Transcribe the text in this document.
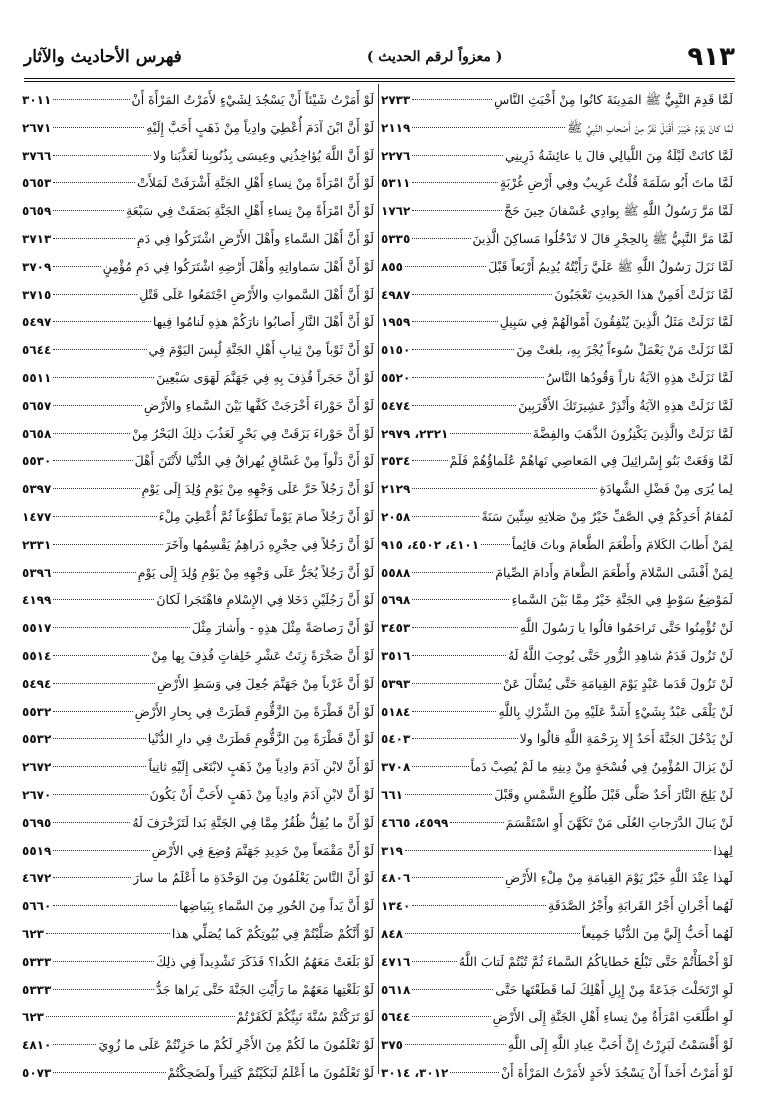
٩١٣
( معزواً لرقم الحديث )
فهرس الأحاديث والآثار
لَمَّا قَدِمَ النَّبِيُّ ﷺ المَدِينَةَ كانُوا مِنْ أَخْبَثِ النَّاسِ
٢٧٣٣
لَمَّا كانَ يَوْمُ خَيْبَرَ أَقْبَلَ نَفَرٌ مِنْ أَصْحابِ النَّبِيِّ ﷺ
٢١١٩
لَمَّا كانَتْ لَيْلَةٌ مِنَ اللَّيالِي قالَ يا عائِشَةُ ذَرِينِي
٢٢٧٦
لَمَّا ماتَ أَبُو سَلَمَةَ قُلْتُ غَرِيبٌ وفِي أَرْضِ غُرْبَةٍ
٥٣١١
لَمَّا مَرَّ رَسُولُ اللَّهِ ﷺ بِوادِي عُسْفانَ حِينَ حَجَّ
١٧٦٢
لَمَّا مَرَّ النَّبِيُّ ﷺ بِالحِجْرِ قالَ لا تَدْخُلُوا مَساكِنَ الَّذِينَ
٥٣٣٥
لَمَّا نَزَلَ رَسُولُ اللَّهِ ﷺ عَلَيَّ رَأَيْتُهُ يُدِيمُ أَرْبَعاً قَبْلَ
٨٥٥
لَمَّا نَزَلَتْ أَفَمِنْ هذا الحَدِيثِ تَعْجَبُونَ
٤٩٨٧
لَمَّا نَزَلَتْ مَثَلُ الَّذِينَ يُنْفِقُونَ أَمْوالَهُمْ فِي سَبِيلِ
١٩٥٩
لَمَّا نَزَلَتْ مَنْ يَعْمَلْ سُوءاً يُجْزَ بِهِ، بلغتْ مِنَ
٥١٥٠
لَمَّا نَزَلَتْ هذِهِ الآيَةُ ناراً وَقُودُها النَّاسُ
٥٥٢٠
لَمَّا نَزَلَتْ هذِهِ الآيَةُ وأَنْذِرْ عَشِيرَتَكَ الأَقْرَبِينَ
٥٤٧٤
لَمَّا نَزَلَتْ والَّذِينَ يَكْنِزُونَ الذَّهَبَ والفِضَّةَ
٢٣٢١، ٢٩٧٩
لَمَّا وَقَعَتْ بَنُو إِسْرائِيلَ فِي المَعاصِي نَهاهُمْ عُلَماؤُهُمْ فَلَمْ
٣٥٣٤
لِما يُرَى مِنْ فَضْلِ الشَّهادَةِ
٢١٢٩
لَمُقامُ أَحَدِكُمْ فِي الصَّفِّ خَيْرٌ مِنْ صَلاتِهِ سِتِّينَ سَنَةً
٢٠٥٨
لِمَنْ أَطابَ الكَلامَ وأَطْعَمَ الطَّعامَ وباتَ قائِماً
٤١٠١، ٤٥٠٢، ٩١٥
لِمَنْ أَفْشَى السَّلامَ وأَطْعَمَ الطَّعامَ وأَدامَ الصِّيامَ
٥٥٨٨
لَمَوْضِعُ سَوْطٍ فِي الجَنَّةِ خَيْرٌ مِمَّا بَيْنَ السَّماءِ
٥٦٩٨
لَنْ تُؤْمِنُوا حَتَّى تَراحَمُوا قالُوا يا رَسُولَ اللَّهِ
٣٤٥٣
لَنْ تَزُولَ قَدَمُ شاهِدِ الزُّورِ حَتَّى يُوجِبَ اللَّهُ لَهُ
٣٥١٦
لَنْ تَزُولَ قَدَما عَبْدٍ يَوْمَ القِيامَةِ حَتَّى يُسْأَلَ عَنْ
٥٣٩٣
لَنْ يَلْقَى عَبْدٌ بِشَيْءٍ أَشَدَّ عَلَيْهِ مِنَ الشِّرْكِ بِاللَّهِ
٥١٨٤
لَنْ يَدْخُلَ الجَنَّةَ أَحَدٌ إِلا بِرَحْمَةِ اللَّهِ قالُوا ولا
٥٤٠٣
لَنْ يَزالَ المُؤْمِنُ فِي فُسْحَةٍ مِنْ دِينِهِ ما لَمْ يُصِبْ دَماً
٣٧٠٨
لَنْ يَلِجَ النَّارَ أَحَدٌ صَلَّى قَبْلَ طُلُوعِ الشَّمْسِ وقَبْلَ
٦٦١
لَنْ يَنالَ الدَّرَجاتِ العُلَى مَنْ تَكَهَّنَ أَوِ اسْتَقْسَمَ
٤٥٩٩، ٤٦٦٥
لِهذا
٣١٩
لَهذا عِنْدَ اللَّهِ خَيْرٌ يَوْمَ القِيامَةِ مِنْ مِلْءِ الأَرْضِ
٤٨٠٦
لَهُما أَجْرانِ أَجْرُ القَرابَةِ وأَجْرُ الصَّدَقَةِ
١٣٤٠
لَهُما أَحَبُّ إِلَيَّ مِنَ الدُّنْيا جَمِيعاً
٨٤٨
لَوْ أَخْطَأْتُمْ حَتَّى تَبْلُغَ خَطاياكُمُ السَّماءَ ثُمَّ تُبْتُمْ لَتابَ اللَّهُ
٤٧١٦
لَوِ ارْتَحَلْتَ جَذَعَةً مِنْ إِبِلِ أَهْلِكَ لَما قَطَعْتَها حَتَّى
٥٦١٨
لَوِ اطَّلَعَتِ امْرَأَةٌ مِنْ نِساءِ أَهْلِ الجَنَّةِ إِلَى الأَرْضِ
٥٦٤٤
لَوْ أَقْسَمْتُ لَبَرِرْتُ إِنَّ أَحَبَّ عِبادِ اللَّهِ إِلَى اللَّهِ
٣٧٥
لَوْ أَمَرْتُ أَحَداً أَنْ يَسْجُدَ لأَحَدٍ لأَمَرْتُ المَرْأَةَ أَنْ
٣٠١٢، ٣٠١٤
لَوْ أَمَرْتُ شَيْئاً أَنْ يَسْجُدَ لِشَيْءٍ لأَمَرْتُ المَرْأَةَ أَنْ
٣٠١١
لَوْ أَنَّ ابْنَ آدَمَ أُعْطِيَ وادِياً مِنْ ذَهَبٍ أَحَبَّ إِلَيْهِ
٢٦٧١
لَوْ أَنَّ اللَّهَ يُؤاخِذُنِي وعِيسَى بِذُنُوبِنا لَعَذَّبَنا ولا
٣٧٦٦
لَوْ أَنَّ امْرَأَةً مِنْ نِساءِ أَهْلِ الجَنَّةِ أَشْرَفَتْ لَمَلأَتْ
٥٦٥٣
لَوْ أَنَّ امْرَأَةً مِنْ نِساءِ أَهْلِ الجَنَّةِ بَصَقَتْ فِي سَبْعَةِ
٥٦٥٩
لَوْ أَنَّ أَهْلَ السَّماءِ وأَهْلَ الأَرْضِ اشْتَرَكُوا فِي دَمِ
٣٧١٣
لَوْ أَنَّ أَهْلَ سَماواتِهِ وأَهْلَ أَرْضِهِ اشْتَرَكُوا فِي دَمِ مُؤْمِنٍ
٣٧٠٩
لَوْ أَنَّ أَهْلَ السَّمواتِ والأَرْضِ اجْتَمَعُوا عَلَى قَتْلِ
٣٧١٥
لَوْ أَنَّ أَهْلَ النَّارِ أَصابُوا نارَكُمْ هذِهِ لَنامُوا فِيها
٥٤٩٧
لَوْ أَنَّ ثَوْباً مِنْ ثِيابِ أَهْلِ الجَنَّةِ لُبِسَ اليَوْمَ فِي
٥٦٤٤
لَوْ أَنَّ حَجَراً قُذِفَ بِهِ فِي جَهَنَّمَ لَهَوَى سَبْعِينَ
٥٥١١
لَوْ أَنَّ حَوْراءَ أَخْرَجَتْ كَفَّها بَيْنَ السَّماءِ والأَرْضِ
٥٦٥٧
لَوْ أَنَّ حَوْراءَ بَزَقَتْ فِي بَحْرٍ لَعَذُبَ ذلِكَ البَحْرُ مِنْ
٥٦٥٨
لَوْ أَنَّ دَلْواً مِنْ غَسَّاقٍ يُهراقُ فِي الدُّنْيا لأَنْتَنَ أَهْلَ
٥٥٣٠
لَوْ أَنَّ رَجُلاً خَرَّ عَلَى وَجْهِهِ مِنْ يَوْمِ وُلِدَ إِلَى يَوْمِ
٥٣٩٧
لَوْ أَنَّ رَجُلاً صامَ يَوْماً تَطَوُّعاً ثُمَّ أُعْطِيَ مِلْءَ
١٤٧٧
لَوْ أَنَّ رَجُلاً فِي حِجْرِهِ دَراهِمُ يَقْسِمُها وآخَرَ
٢٣٣١
لَوْ أَنَّ رَجُلاً يُجَرُّ عَلَى وَجْهِهِ مِنْ يَوْمِ وُلِدَ إِلَى يَوْمِ
٥٣٩٦
لَوْ أَنَّ رَجُلَيْنِ دَخَلا فِي الإِسْلامِ فاهْتَجَرا لَكانَ
٤١٩٩
لَوْ أَنَّ رَصاصَةً مِثْلَ هذِهِ - وأَشارَ مِثْلَ
٥٥١٧
لَوْ أَنَّ صَخْرَةً زِنَتُ عَشْرِ خَلِفاتٍ قُذِفَ بِها مِنْ
٥٥١٤
لَوْ أَنَّ غَرْباً مِنْ جَهَنَّمَ جُعِلَ فِي وَسَطِ الأَرْضِ
٥٤٩٤
لَوْ أَنَّ قَطْرَةً مِنَ الزَّقُّومِ قَطَرَتْ فِي بِحارِ الأَرْضِ
٥٥٣٢
لَوْ أَنَّ قَطْرَةً مِنَ الزَّقُّومِ قَطَرَتْ فِي دارِ الدُّنْيا
٥٥٣٢
لَوْ أَنَّ لابْنِ آدَمَ وادِياً مِنْ ذَهَبٍ لابْتَغَى إِلَيْهِ ثانِياً
٢٦٧٢
لَوْ أَنَّ لابْنِ آدَمَ وادِياً مِنْ ذَهَبٍ لأَحَبَّ أَنْ يَكُونَ
٢٦٧٠
لَوْ أَنَّ ما يُقِلُّ ظُفُرٌ مِمَّا فِي الجَنَّةِ بَدا لَتَزَخْرَفَ لَهُ
٥٦٩٥
لَوْ أَنَّ مَقْمَعاً مِنْ حَدِيدِ جَهَنَّمَ وُضِعَ فِي الأَرْضِ
٥٥١٩
لَوْ أَنَّ النَّاسَ يَعْلَمُونَ مِنَ الوَحْدَةِ ما أَعْلَمُ ما سارَ
٤٦٧٢
لَوْ أَنَّ يَداً مِنَ الحُورِ مِنَ السَّماءِ بِبَياضِها
٥٦٦٠
لَوْ أَنَّكُمْ صَلَّيْتُمْ فِي بُيُوتِكُمْ كَما يُصَلِّي هذا
٦٢٣
لَوْ بَلَغَتْ مَعَهُمُ الكُدا؟ فَذَكَرَ تَشْدِيداً فِي ذلِكَ
٥٣٣٣
لَوْ بَلَغْتِها مَعَهُمْ ما رَأَيْتِ الجَنَّةَ حَتَّى يَراها جَدُّ
٥٣٣٣
لَوْ تَرَكْتُمْ سُنَّةَ نَبِيِّكُمْ لَكَفَرْتُمْ
٦٢٣
لَوْ تَعْلَمُونَ ما لَكُمْ مِنَ الأَجْرِ لَكُمْ ما حَزِنْتُمْ عَلَى ما زُوِيَ
٤٨١٠
لَوْ تَعْلَمُونَ ما أَعْلَمُ لَبَكَيْتُمْ كَثِيراً ولَضَحِكْتُمْ
٥٠٧٣
